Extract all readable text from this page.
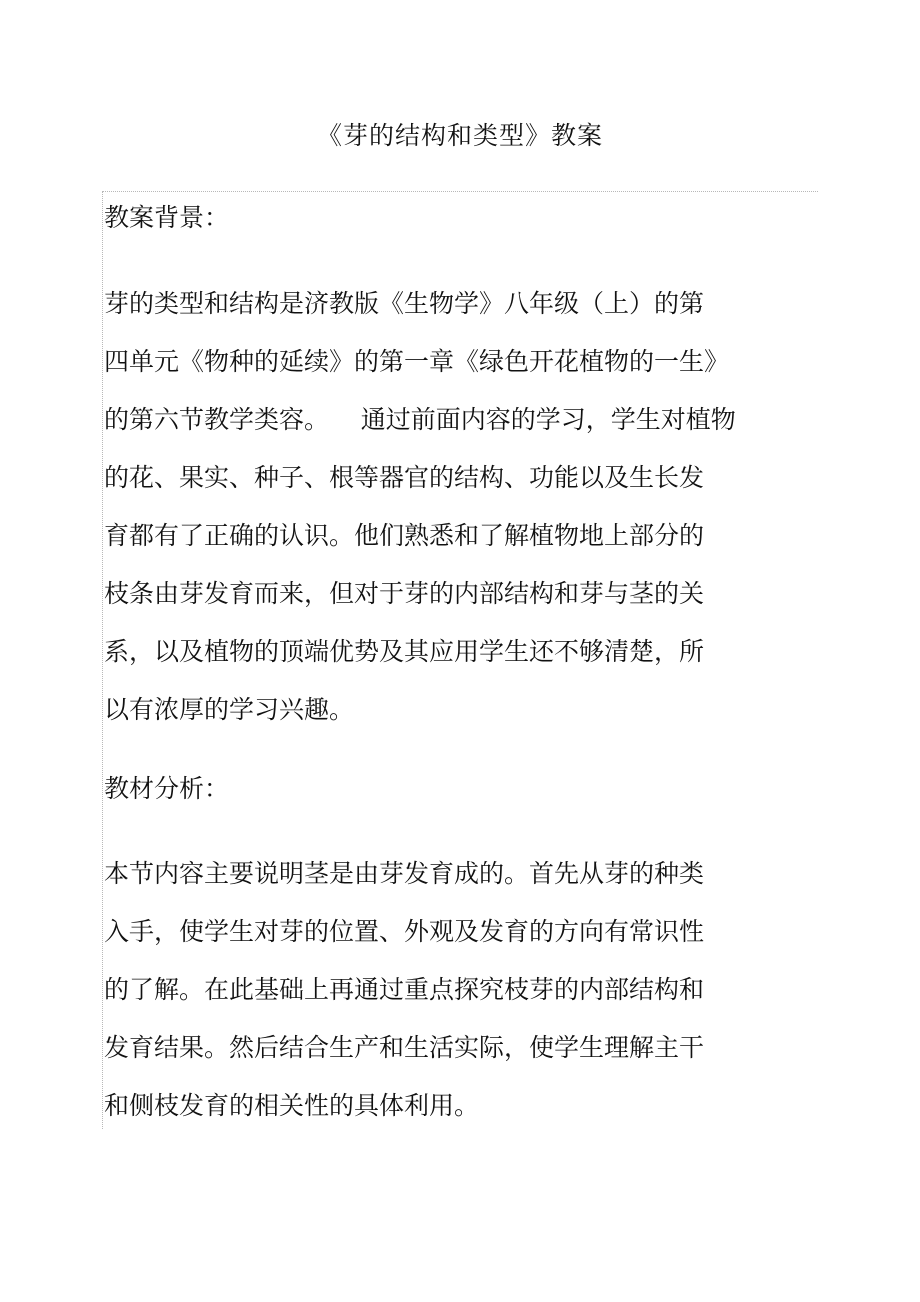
《芽的结构和类型》教案
教案背景：
芽的类型和结构是济教版《生物学》八年级（上）的第
四单元《物种的延续》的第一章《绿色开花植物的一生》
的第六节教学类容。    通过前面内容的学习，学生对植物
的花、果实、种子、根等器官的结构、功能以及生长发
育都有了正确的认识。他们熟悉和了解植物地上部分的
枝条由芽发育而来，但对于芽的内部结构和芽与茎的关
系，以及植物的顶端优势及其应用学生还不够清楚，所
以有浓厚的学习兴趣。
教材分析：
本节内容主要说明茎是由芽发育成的。首先从芽的种类
入手，使学生对芽的位置、外观及发育的方向有常识性
的了解。在此基础上再通过重点探究枝芽的内部结构和
发育结果。然后结合生产和生活实际，使学生理解主干
和侧枝发育的相关性的具体利用。
